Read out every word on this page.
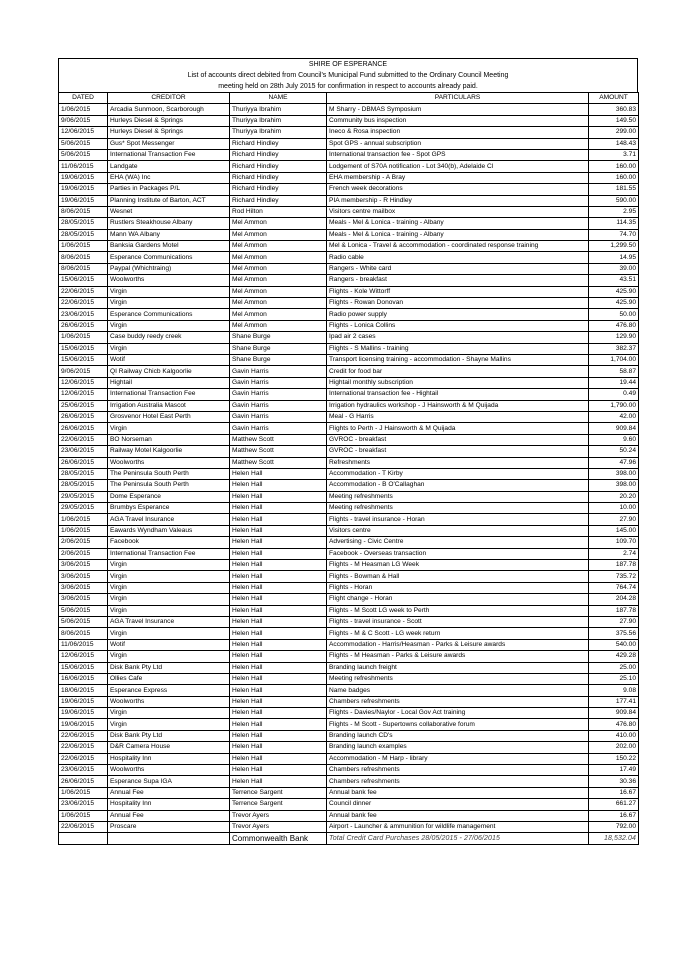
SHIRE OF ESPERANCE
List of accounts direct debited from Council's Municipal Fund submitted to the Ordinary Council Meeting
meeting held on 28th July 2015 for confirmation in respect to accounts already paid.
DATED	CREDITOR	NAME	PARTICULARS	AMOUNT
1/06/2015	Arcadia Sunmoon, Scarborough	Thuriyya Ibrahim	M Sharry - DBMAS Symposium	360.83
9/06/2015	Hurleys Diesel & Springs	Thuriyya Ibrahim	Community bus inspection	149.50
12/06/2015	Hurleys Diesel & Springs	Thuriyya Ibrahim	Ineco & Rosa inspection	299.00
5/06/2015	Gus* Spot Messenger	Richard Hindley	Spot GPS - annual subscription	148.43
5/06/2015	International Transaction Fee	Richard Hindley	International transaction fee - Spot GPS	3.71
11/06/2015	Landgate	Richard Hindley	Lodgement of S70A notification - Lot 340(b), Adelaide Cl	160.00
19/06/2015	EHA (WA) Inc	Richard Hindley	EHA membership - A Bray	160.00
19/06/2015	Parties in Packages P/L	Richard Hindley	French week decorations	181.55
19/06/2015	Planning Institute of Barton, ACT	Richard Hindley	PIA membership - R Hindley	590.00
8/06/2015	Wesnet	Rod Hilton	Visitors centre mailbox	2.95
28/05/2015	Rustlers Steakhouse Albany	Mel Ammon	Meals - Mel & Lonica - training - Albany	114.35
28/05/2015	Mann WA Albany	Mel Ammon	Meals - Mel & Lonica - training - Albany	74.70
1/06/2015	Banksia Gardens Motel	Mel Ammon	Mel & Lonica - Travel & accommodation - coordinated response training	1,299.50
8/06/2015	Esperance Communications	Mel Ammon	Radio cable	14.95
8/06/2015	Paypal (Whichtraing)	Mel Ammon	Rangers - White card	39.00
15/06/2015	Woolworths	Mel Ammon	Rangers - breakfast	43.51
22/06/2015	Virgin	Mel Ammon	Flights - Kole Wittorff	425.90
22/06/2015	Virgin	Mel Ammon	Flights - Rowan Donovan	425.90
23/06/2015	Esperance Communications	Mel Ammon	Radio power supply	50.00
26/06/2015	Virgin	Mel Ammon	Flights - Lonica Collins	476.80
1/06/2015	Case buddy reedy creek	Shane Burge	Ipad air 2 cases	129.90
15/06/2015	Virgin	Shane Burge	Flights - S Mallins - training	382.37
15/06/2015	Wotif	Shane Burge	Transport licensing training - accommodation - Shayne Mallins	1,704.00
9/06/2015	QI Railway Chicb Kalgoorlie	Gavin Harris	Credit for food bar	- 58.87
12/06/2015	Hightail	Gavin Harris	Hightail monthly subscription	19.44
12/06/2015	International Transaction Fee	Gavin Harris	International transaction fee - Hightail	0.49
25/06/2015	Irrigation Australia Mascot	Gavin Harris	Irrigation hydraulics workshop - J Hainsworth & M Quijada	1,790.00
26/06/2015	Grosvenor Hotel East Perth	Gavin Harris	Meal - G Harris	42.00
26/06/2015	Virgin	Gavin Harris	Flights to Perth - J Hainsworth & M Quijada	909.84
22/06/2015	BO Norseman	Matthew Scott	GVROC - breakfast	9.60
23/06/2015	Railway Motel Kalgoorlie	Matthew Scott	GVROC - breakfast	50.24
26/06/2015	Woolworths	Matthew Scott	Refreshments	47.96
28/05/2015	The Peninsula South Perth	Helen Hall	Accommodation - T Kirby	398.00
28/05/2015	The Peninsula South Perth	Helen Hall	Accommodation - B O'Callaghan	398.00
29/05/2015	Dome Esperance	Helen Hall	Meeting refreshments	20.20
29/05/2015	Brumbys Esperance	Helen Hall	Meeting refreshments	10.00
1/06/2015	AGA Travel Insurance	Helen Hall	Flights - travel insurance - Horan	27.90
1/06/2015	Eawards Wyndham Valeaus	Helen Hall	Visitors centre	145.00
2/06/2015	Facebook	Helen Hall	Advertising - Civic Centre	109.70
2/06/2015	International Transaction Fee	Helen Hall	Facebook - Overseas transaction	2.74
3/06/2015	Virgin	Helen Hall	Flights - M Heasman LG Week	187.78
3/06/2015	Virgin	Helen Hall	Flights - Bowman & Hall	735.72
3/06/2015	Virgin	Helen Hall	Flights - Horan	764.74
3/06/2015	Virgin	Helen Hall	Flight change - Horan	204.28
5/06/2015	Virgin	Helen Hall	Flights - M Scott LG week to Perth	187.78
5/06/2015	AGA Travel Insurance	Helen Hall	Flights - travel insurance - Scott	27.90
8/06/2015	Virgin	Helen Hall	Flights - M & C Scott - LG week return	375.56
11/06/2015	Wotif	Helen Hall	Accommodation - Harris/Heasman - Parks & Leisure awards	540.00
12/06/2015	Virgin	Helen Hall	Flights - M Heasman - Parks & Leisure awards	429.28
15/06/2015	Disk Bank Pty Ltd	Helen Hall	Branding launch freight	25.00
16/06/2015	Ollies Cafe	Helen Hall	Meeting refreshments	25.10
18/06/2015	Esperance Express	Helen Hall	Name badges	9.08
19/06/2015	Woolworths	Helen Hall	Chambers refreshments	177.41
19/06/2015	Virgin	Helen Hall	Flights - Davies/Naylor - Local Gov Act training	909.84
19/06/2015	Virgin	Helen Hall	Flights - M Scott - Supertowns collaborative forum	476.80
22/06/2015	Disk Bank Pty Ltd	Helen Hall	Branding launch CD's	410.00
22/06/2015	D&R Camera House	Helen Hall	Branding launch examples	202.00
22/06/2015	Hospitality Inn	Helen Hall	Accommodation - M Harp - library	150.22
23/06/2015	Woolworths	Helen Hall	Chambers refreshments	17.49
26/06/2015	Esperance Supa IGA	Helen Hall	Chambers refreshments	30.36
1/06/2015	Annual Fee	Terrence Sargent	Annual bank fee	16.67
23/06/2015	Hospitality Inn	Terrence Sargent	Council dinner	661.27
1/06/2015	Annual Fee	Trevor Ayers	Annual bank fee	16.67
22/06/2015	Proscare	Trevor Ayers	Airport - Launcher & ammunition for wildlife management	792.00
		Commonwealth Bank	Total Credit Card Purchases 28/05/2015 - 27/06/2015	18,532.04
